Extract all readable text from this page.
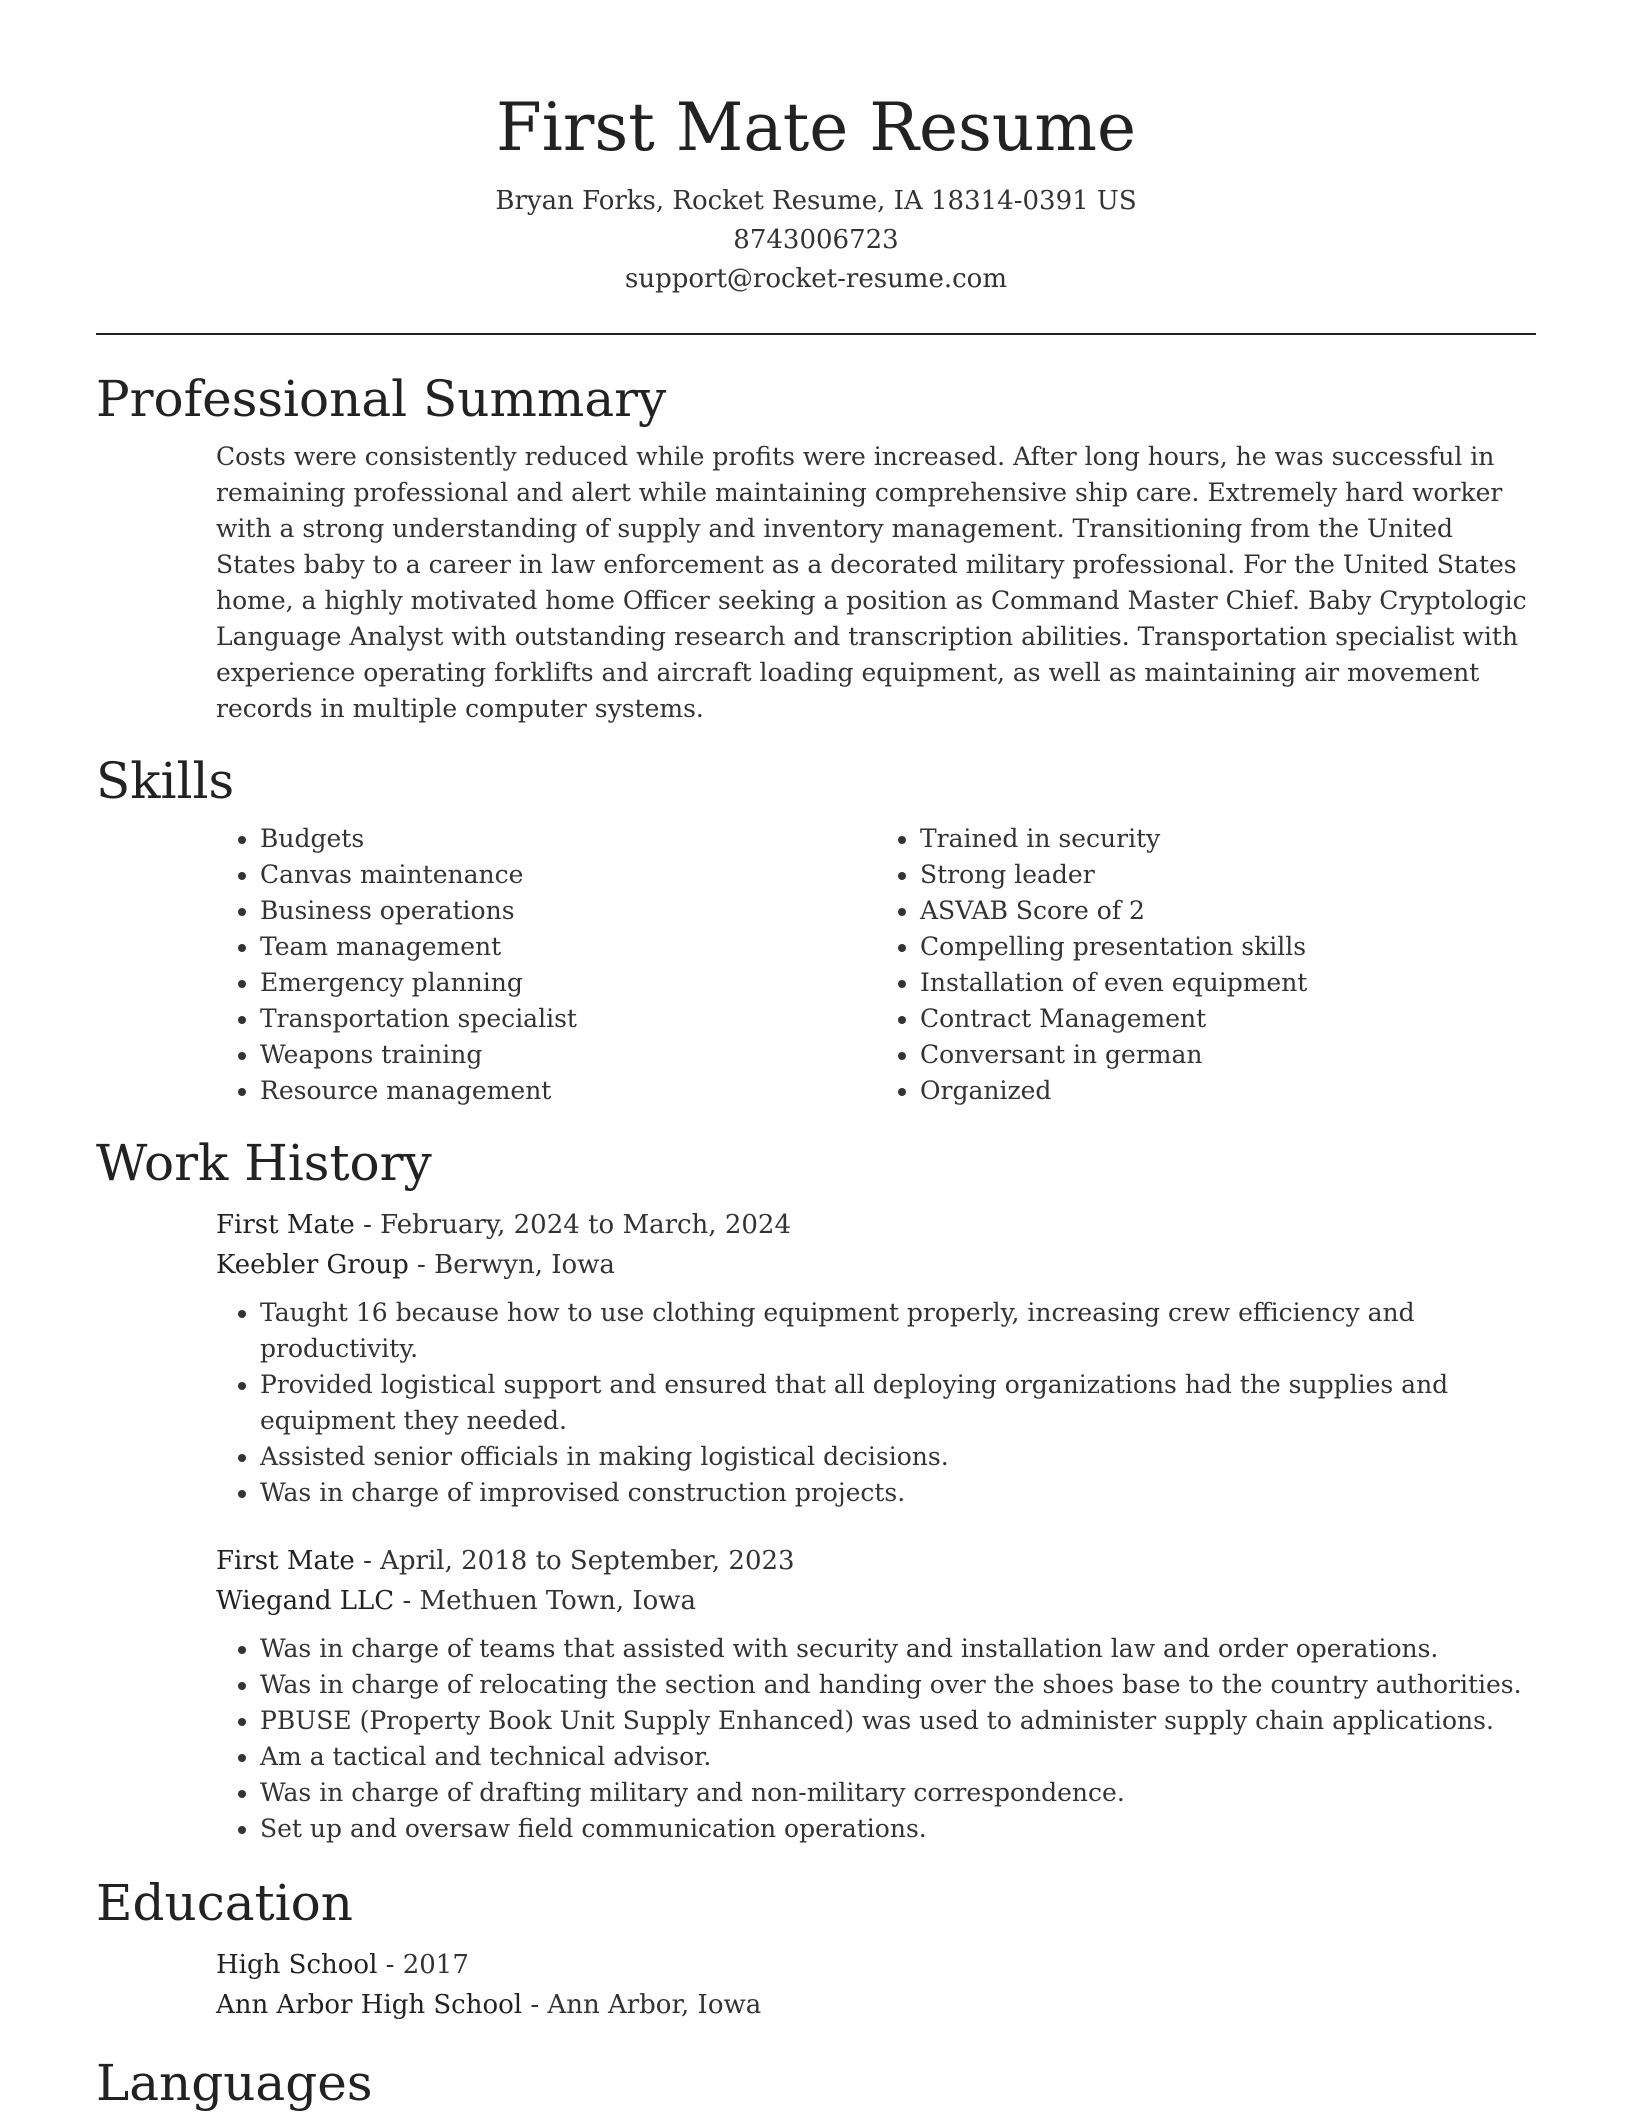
First Mate Resume
Bryan Forks, Rocket Resume, IA 18314-0391 US
8743006723
support@rocket-resume.com
Professional Summary

Costs were consistently reduced while profits were increased. After long hours, he was successful in remaining professional and alert while maintaining comprehensive ship care. Extremely hard worker with a strong understanding of supply and inventory management. Transitioning from the United States baby to a career in law enforcement as a decorated military professional. For the United States home, a highly motivated home Officer seeking a position as Command Master Chief. Baby Cryptologic Language Analyst with outstanding research and transcription abilities. Transportation specialist with experience operating forklifts and aircraft loading equipment, as well as maintaining air movement records in multiple computer systems.

Skills
• Budgets
• Canvas maintenance
• Business operations
• Team management
• Emergency planning
• Transportation specialist
• Weapons training
• Resource management
• Trained in security
• Strong leader
• ASVAB Score of 2
• Compelling presentation skills
• Installation of even equipment
• Contract Management
• Conversant in german
• Organized
Work History
First Mate - February, 2024 to March, 2024
Keebler Group - Berwyn, Iowa
• Taught 16 because how to use clothing equipment properly, increasing crew efficiency and productivity.
• Provided logistical support and ensured that all deploying organizations had the supplies and equipment they needed.
• Assisted senior officials in making logistical decisions.
• Was in charge of improvised construction projects.
First Mate - April, 2018 to September, 2023
Wiegand LLC - Methuen Town, Iowa
• Was in charge of teams that assisted with security and installation law and order operations.
• Was in charge of relocating the section and handing over the shoes base to the country authorities.
• PBUSE (Property Book Unit Supply Enhanced) was used to administer supply chain applications.
• Am a tactical and technical advisor.
• Was in charge of drafting military and non-military correspondence.
• Set up and oversaw field communication operations.
Education
High School - 2017
Ann Arbor High School - Ann Arbor, Iowa
Languages
